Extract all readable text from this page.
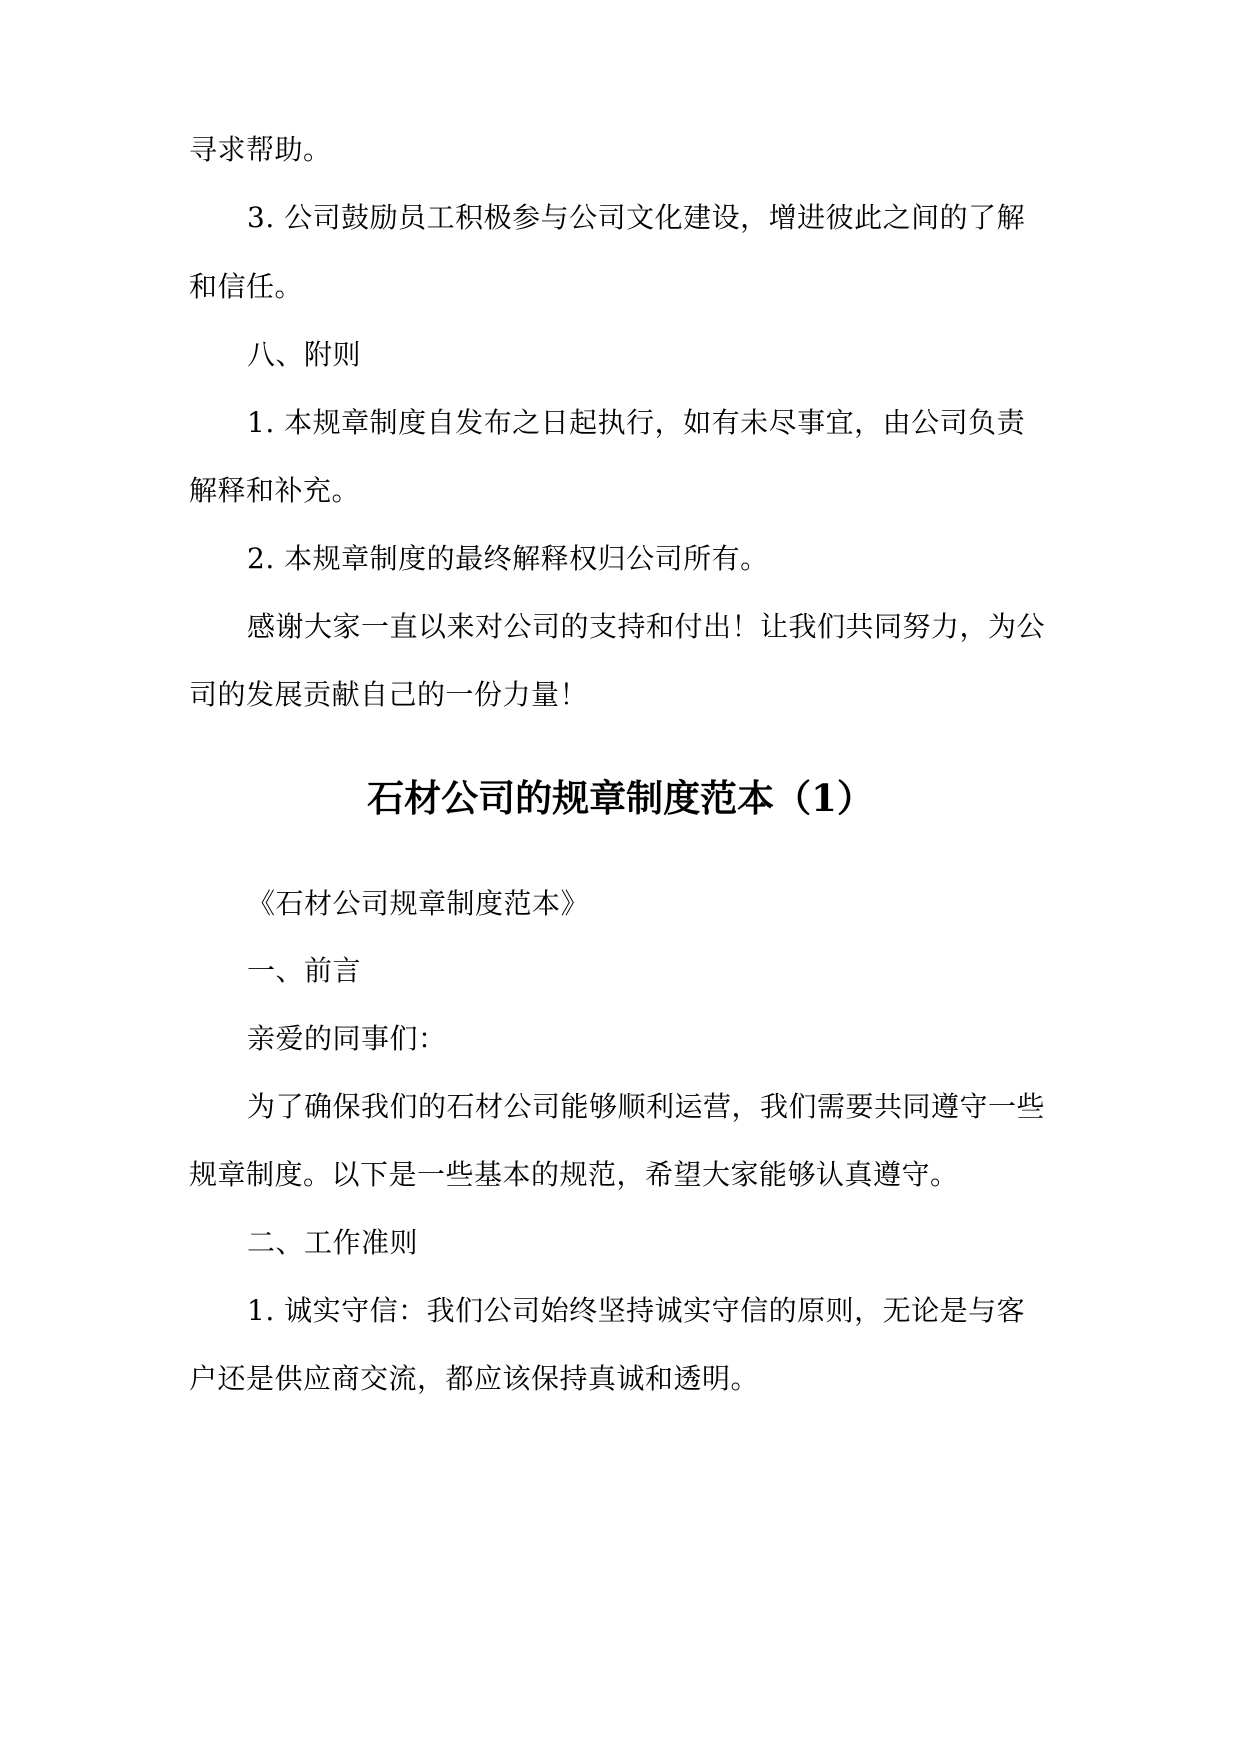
寻求帮助。
3. 公司鼓励员工积极参与公司文化建设，增进彼此之间的了解
和信任。
八、附则
1. 本规章制度自发布之日起执行，如有未尽事宜，由公司负责
解释和补充。
2. 本规章制度的最终解释权归公司所有。
感谢大家一直以来对公司的支持和付出！让我们共同努力，为公
司的发展贡献自己的一份力量！
石材公司的规章制度范本（1）
《石材公司规章制度范本》
一、前言
亲爱的同事们：
为了确保我们的石材公司能够顺利运营，我们需要共同遵守一些
规章制度。以下是一些基本的规范，希望大家能够认真遵守。
二、工作准则
1. 诚实守信：我们公司始终坚持诚实守信的原则，无论是与客
户还是供应商交流，都应该保持真诚和透明。
